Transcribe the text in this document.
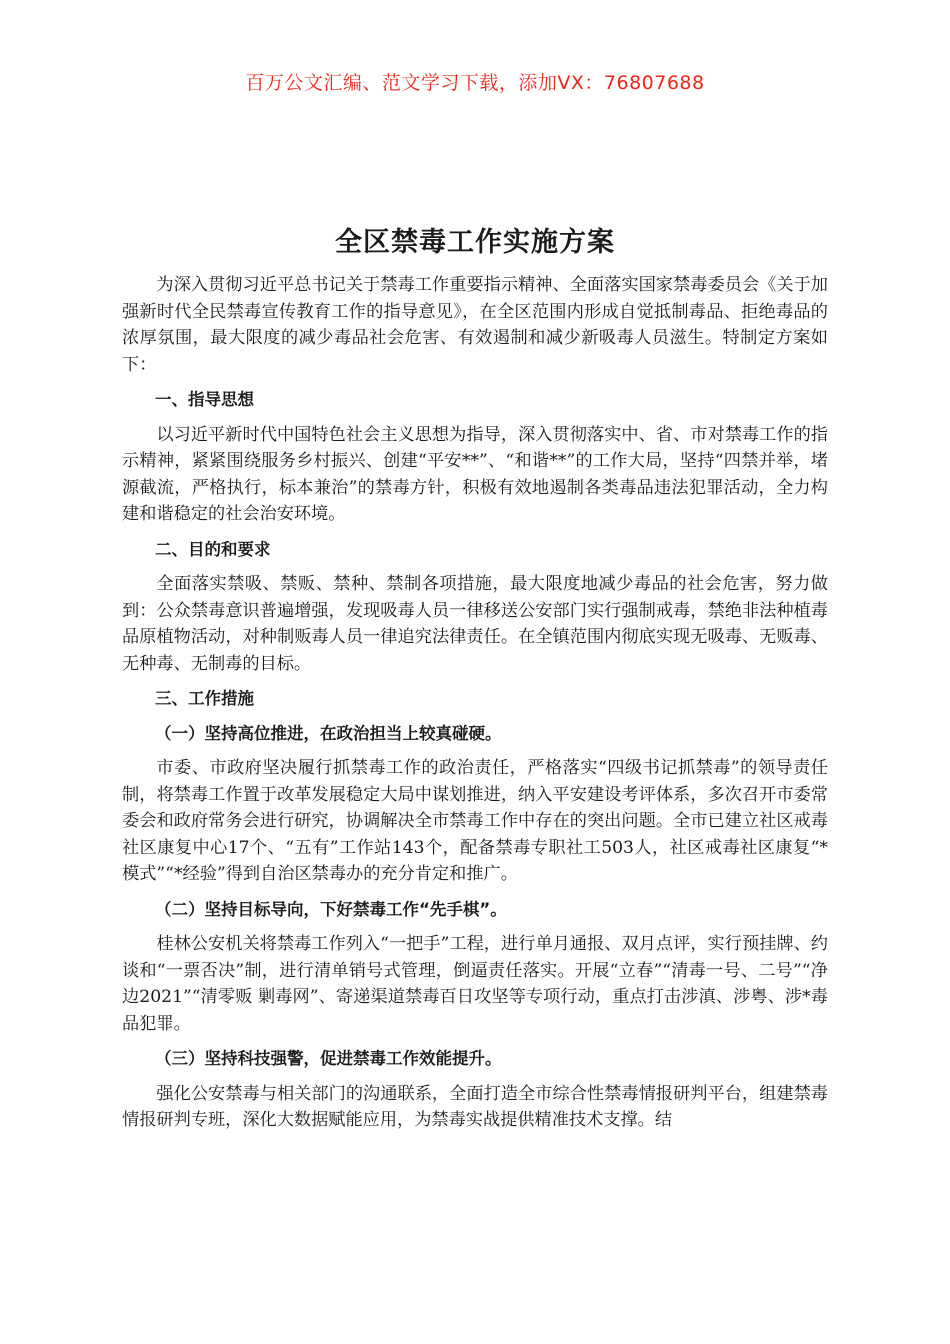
百万公文汇编、范文学习下载，添加VX：76807688
全区禁毒工作实施方案

为深入贯彻习近平总书记关于禁毒工作重要指示精神、全面落实国家禁毒委员会《关于加强新时代全民禁毒宣传教育工作的指导意见》，在全区范围内形成自觉抵制毒品、拒绝毒品的浓厚氛围，最大限度的减少毒品社会危害、有效遏制和减少新吸毒人员滋生。特制定方案如下：

一、指导思想

以习近平新时代中国特色社会主义思想为指导，深入贯彻落实中、省、市对禁毒工作的指示精神，紧紧围绕服务乡村振兴、创建“平安**”、“和谐**”的工作大局，坚持“四禁并举，堵源截流，严格执行，标本兼治”的禁毒方针，积极有效地遏制各类毒品违法犯罪活动，全力构建和谐稳定的社会治安环境。

二、目的和要求

全面落实禁吸、禁贩、禁种、禁制各项措施，最大限度地减少毒品的社会危害，努力做到：公众禁毒意识普遍增强，发现吸毒人员一律移送公安部门实行强制戒毒，禁绝非法种植毒品原植物活动，对种制贩毒人员一律追究法律责任。在全镇范围内彻底实现无吸毒、无贩毒、无种毒、无制毒的目标。

三、工作措施

（一）坚持高位推进，在政治担当上较真碰硬。

市委、市政府坚决履行抓禁毒工作的政治责任，严格落实“四级书记抓禁毒”的领导责任制，将禁毒工作置于改革发展稳定大局中谋划推进，纳入平安建设考评体系，多次召开市委常委会和政府常务会进行研究，协调解决全市禁毒工作中存在的突出问题。全市已建立社区戒毒社区康复中心17个、“五有”工作站143个，配备禁毒专职社工503人，社区戒毒社区康复“*模式”“*经验”得到自治区禁毒办的充分肯定和推广。

（二）坚持目标导向，下好禁毒工作“先手棋”。

桂林公安机关将禁毒工作列入“一把手”工程，进行单月通报、双月点评，实行预挂牌、约谈和“一票否决”制，进行清单销号式管理，倒逼责任落实。开展“立春”“清毒一号、二号”“净边2021”“清零贩 剿毒网”、寄递渠道禁毒百日攻坚等专项行动，重点打击涉滇、涉粤、涉*毒品犯罪。

（三）坚持科技强警，促进禁毒工作效能提升。

强化公安禁毒与相关部门的沟通联系，全面打造全市综合性禁毒情报研判平台，组建禁毒情报研判专班，深化大数据赋能应用，为禁毒实战提供精准技术支撑。结
